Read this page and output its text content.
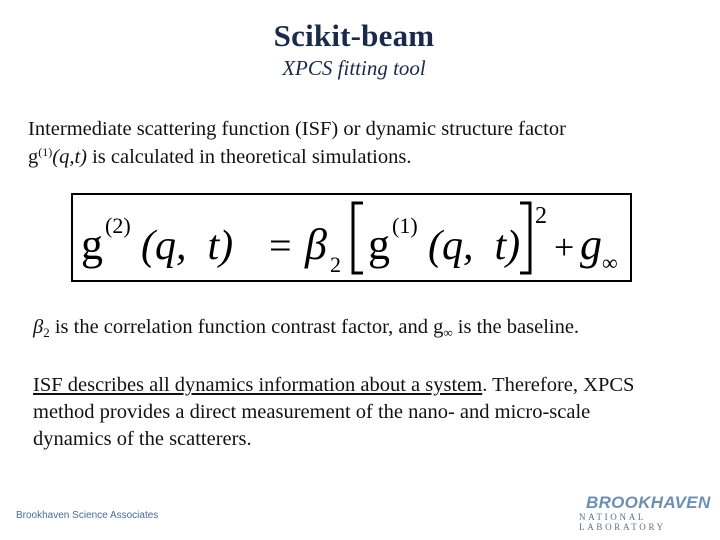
Scikit-beam
XPCS fitting tool
Intermediate scattering function (ISF) or dynamic structure factor
$g^{(1)}(q,t)$ is calculated in theoretical simulations.
g (2) (q,  t) = β 2 g (1) (q,  t)
2
+ g ∞
$\beta_2$ is the correlation function contrast factor, and $g_\infty$ is the baseline.
ISF describes all dynamics information about a system. Therefore, XPCS method provides a direct measurement of the nano- and micro-scale dynamics of the scatterers.
Brookhaven Science Associates
BROOKHAVEN
NATIONAL LABORATORY
